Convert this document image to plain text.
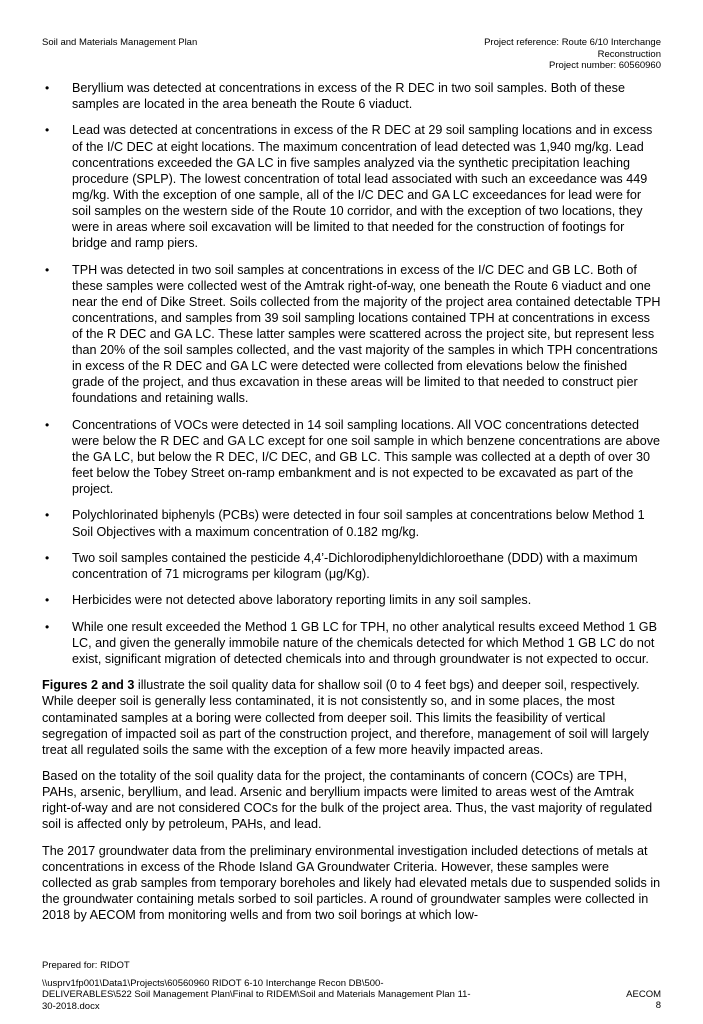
Soil and Materials Management Plan	Project reference: Route 6/10 Interchange
Reconstruction
Project number: 60560960
• Beryllium was detected at concentrations in excess of the R DEC in two soil samples. Both of these samples are located in the area beneath the Route 6 viaduct.
• Lead was detected at concentrations in excess of the R DEC at 29 soil sampling locations and in excess of the I/C DEC at eight locations. The maximum concentration of lead detected was 1,940 mg/kg. Lead concentrations exceeded the GA LC in five samples analyzed via the synthetic precipitation leaching procedure (SPLP). The lowest concentration of total lead associated with such an exceedance was 449 mg/kg. With the exception of one sample, all of the I/C DEC and GA LC exceedances for lead were for soil samples on the western side of the Route 10 corridor, and with the exception of two locations, they were in areas where soil excavation will be limited to that needed for the construction of footings for bridge and ramp piers.
• TPH was detected in two soil samples at concentrations in excess of the I/C DEC and GB LC. Both of these samples were collected west of the Amtrak right-of-way, one beneath the Route 6 viaduct and one near the end of Dike Street. Soils collected from the majority of the project area contained detectable TPH concentrations, and samples from 39 soil sampling locations contained TPH at concentrations in excess of the R DEC and GA LC. These latter samples were scattered across the project site, but represent less than 20% of the soil samples collected, and the vast majority of the samples in which TPH concentrations in excess of the R DEC and GA LC were detected were collected from elevations below the finished grade of the project, and thus excavation in these areas will be limited to that needed to construct pier foundations and retaining walls.
• Concentrations of VOCs were detected in 14 soil sampling locations. All VOC concentrations detected were below the R DEC and GA LC except for one soil sample in which benzene concentrations are above the GA LC, but below the R DEC, I/C DEC, and GB LC. This sample was collected at a depth of over 30 feet below the Tobey Street on-ramp embankment and is not expected to be excavated as part of the project.
• Polychlorinated biphenyls (PCBs) were detected in four soil samples at concentrations below Method 1 Soil Objectives with a maximum concentration of 0.182 mg/kg.
• Two soil samples contained the pesticide 4,4’-Dichlorodiphenyldichloroethane (DDD) with a maximum concentration of 71 micrograms per kilogram (μg/Kg).
• Herbicides were not detected above laboratory reporting limits in any soil samples.
• While one result exceeded the Method 1 GB LC for TPH, no other analytical results exceed Method 1 GB LC, and given the generally immobile nature of the chemicals detected for which Method 1 GB LC do not exist, significant migration of detected chemicals into and through groundwater is not expected to occur.

Figures 2 and 3 illustrate the soil quality data for shallow soil (0 to 4 feet bgs) and deeper soil, respectively. While deeper soil is generally less contaminated, it is not consistently so, and in some places, the most contaminated samples at a boring were collected from deeper soil. This limits the feasibility of vertical segregation of impacted soil as part of the construction project, and therefore, management of soil will largely treat all regulated soils the same with the exception of a few more heavily impacted areas.

Based on the totality of the soil quality data for the project, the contaminants of concern (COCs) are TPH, PAHs, arsenic, beryllium, and lead. Arsenic and beryllium impacts were limited to areas west of the Amtrak right-of-way and are not considered COCs for the bulk of the project area. Thus, the vast majority of regulated soil is affected only by petroleum, PAHs, and lead.

The 2017 groundwater data from the preliminary environmental investigation included detections of metals at concentrations in excess of the Rhode Island GA Groundwater Criteria. However, these samples were collected as grab samples from temporary boreholes and likely had elevated metals due to suspended solids in the groundwater containing metals sorbed to soil particles. A round of groundwater samples were collected in 2018 by AECOM from monitoring wells and from two soil borings at which low-

Prepared for: RIDOT
\\usprv1fp001\Data1\Projects\60560960 RIDOT 6-10 Interchange Recon DB\500-DELIVERABLES\522 Soil Management Plan\Final to RIDEM\Soil and Materials Management Plan 11-30-2018.docx
AECOM
8
